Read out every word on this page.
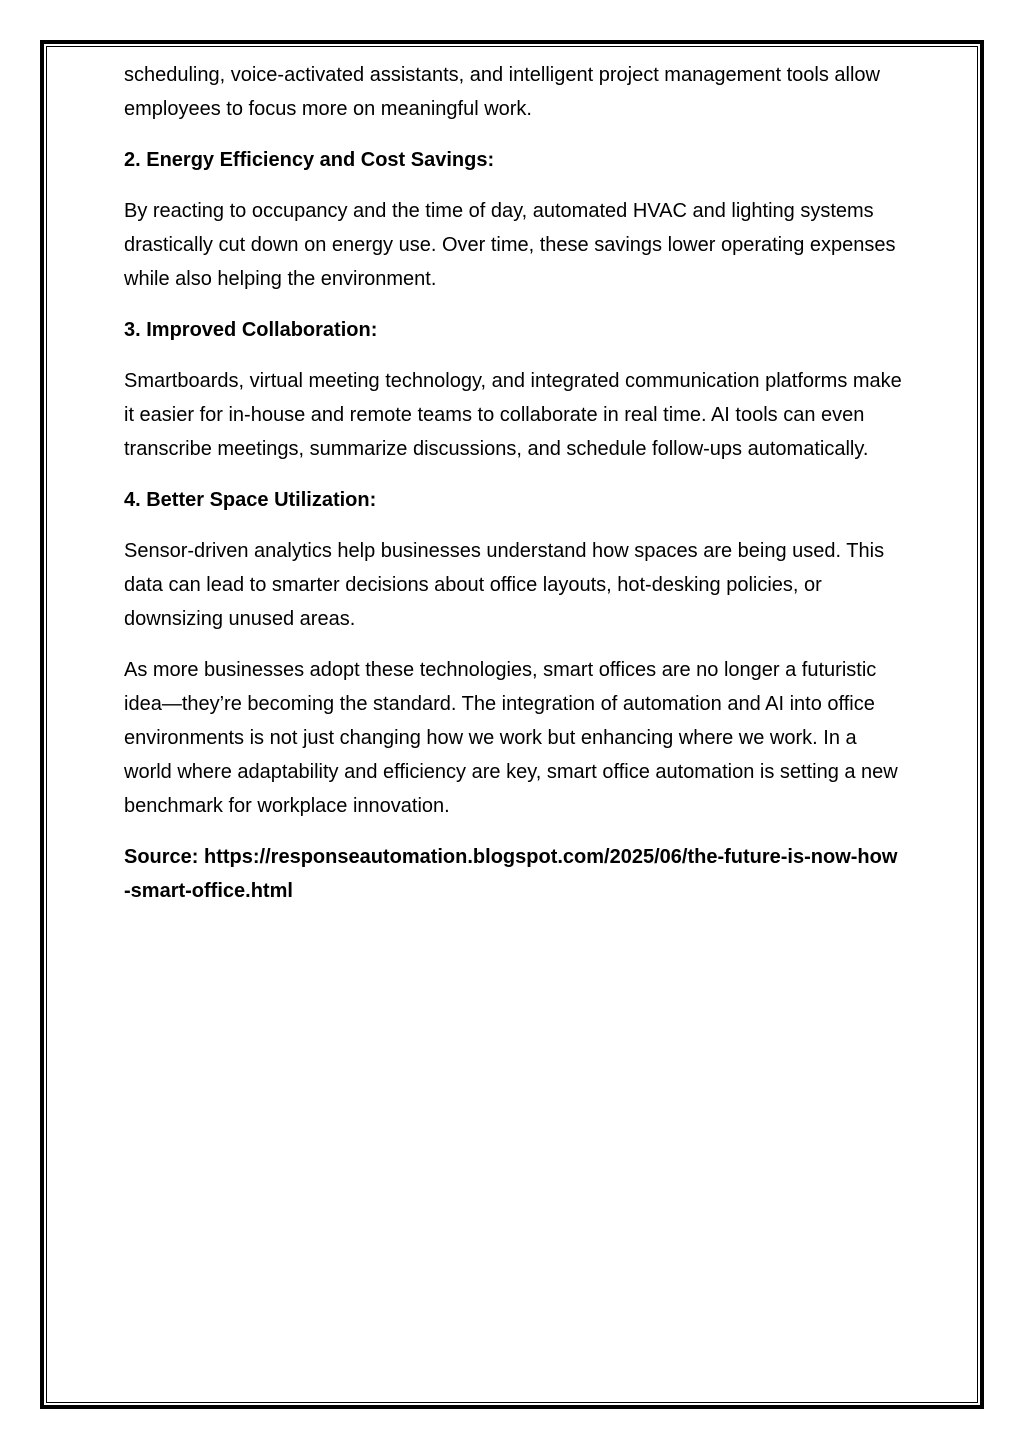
scheduling, voice-activated assistants, and intelligent project management tools allow employees to focus more on meaningful work.

2. Energy Efficiency and Cost Savings:

By reacting to occupancy and the time of day, automated HVAC and lighting systems drastically cut down on energy use. Over time, these savings lower operating expenses while also helping the environment.

3. Improved Collaboration:

Smartboards, virtual meeting technology, and integrated communication platforms make it easier for in-house and remote teams to collaborate in real time. AI tools can even transcribe meetings, summarize discussions, and schedule follow-ups automatically.

4. Better Space Utilization:

Sensor-driven analytics help businesses understand how spaces are being used. This data can lead to smarter decisions about office layouts, hot-desking policies, or downsizing unused areas.

As more businesses adopt these technologies, smart offices are no longer a futuristic idea—they’re becoming the standard. The integration of automation and AI into office environments is not just changing how we work but enhancing where we work. In a world where adaptability and efficiency are key, smart office automation is setting a new benchmark for workplace innovation.

Source: https://responseautomation.blogspot.com/2025/06/the-future-is-now-how-smart-office.html
